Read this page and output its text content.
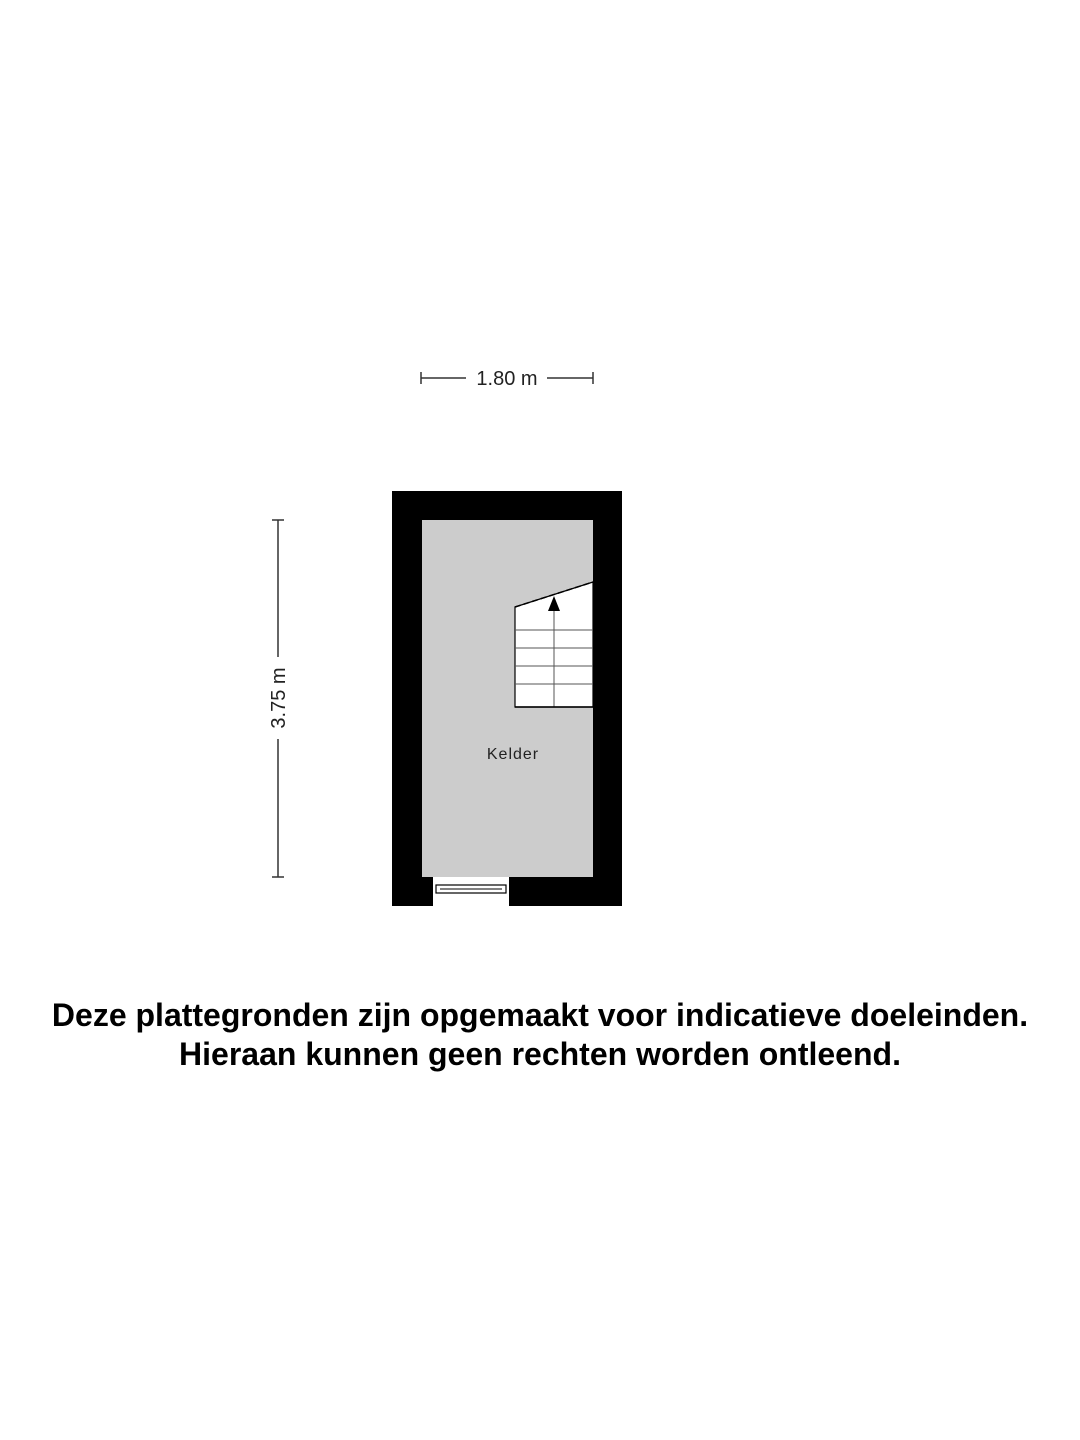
1.80 m
3.75 m
Kelder

Deze plattegronden zijn opgemaakt voor indicatieve doeleinden.

Hieraan kunnen geen rechten worden ontleend.
